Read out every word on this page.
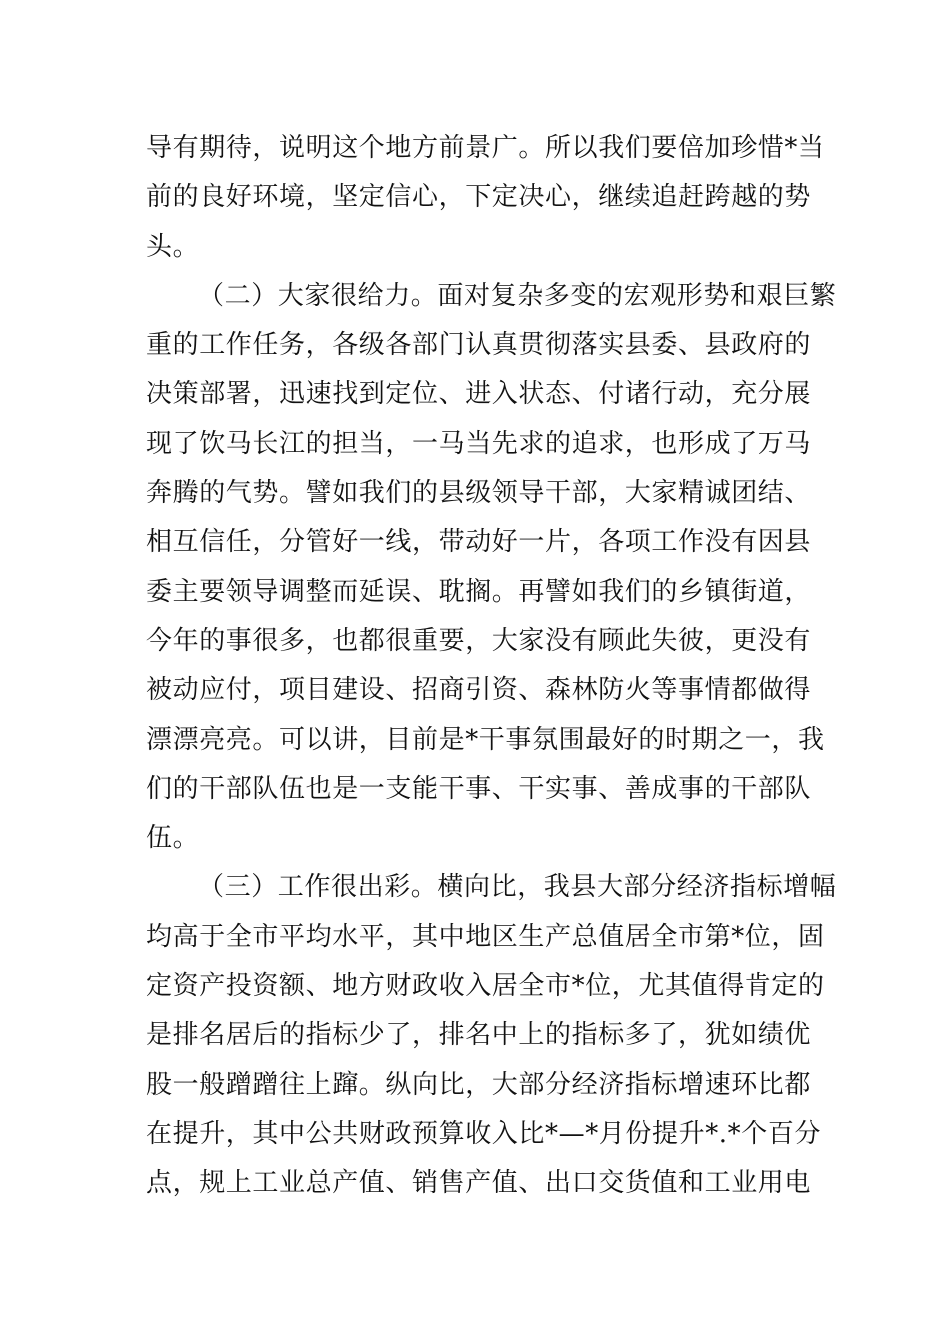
导有期待，说明这个地方前景广。所以我们要倍加珍惜*当
前的良好环境，坚定信心，下定决心，继续追赶跨越的势
头。
（二）大家很给力。面对复杂多变的宏观形势和艰巨繁
重的工作任务，各级各部门认真贯彻落实县委、县政府的
决策部署，迅速找到定位、进入状态、付诸行动，充分展
现了饮马长江的担当，一马当先求的追求，也形成了万马
奔腾的气势。譬如我们的县级领导干部，大家精诚团结、
相互信任，分管好一线，带动好一片，各项工作没有因县
委主要领导调整而延误、耽搁。再譬如我们的乡镇街道，
今年的事很多，也都很重要，大家没有顾此失彼，更没有
被动应付，项目建设、招商引资、森林防火等事情都做得
漂漂亮亮。可以讲，目前是*干事氛围最好的时期之一，我
们的干部队伍也是一支能干事、干实事、善成事的干部队
伍。
（三）工作很出彩。横向比，我县大部分经济指标增幅
均高于全市平均水平，其中地区生产总值居全市第*位，固
定资产投资额、地方财政收入居全市*位，尤其值得肯定的
是排名居后的指标少了，排名中上的指标多了，犹如绩优
股一般蹭蹭往上蹿。纵向比，大部分经济指标增速环比都
在提升，其中公共财政预算收入比*—*月份提升*.*个百分
点，规上工业总产值、销售产值、出口交货值和工业用电
